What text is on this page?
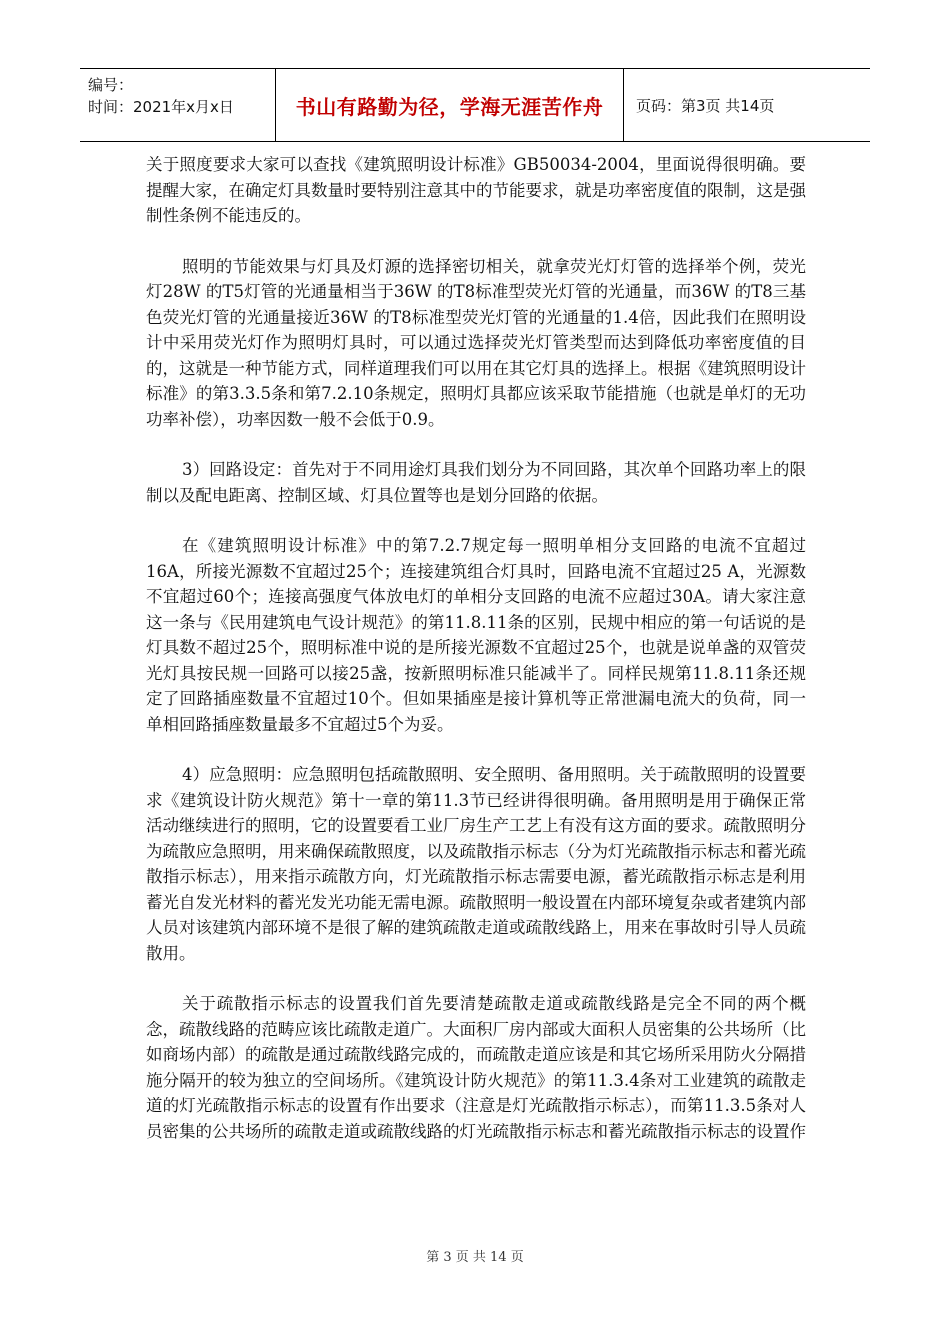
编号：
时间：2021年x月x日	书山有路勤为径，学海无涯苦作舟	页码：第3页 共14页

关于照度要求大家可以查找《建筑照明设计标准》GB50034-2004，里面说得很明确。要提醒大家，在确定灯具数量时要特别注意其中的节能要求，就是功率密度值的限制，这是强制性条例不能违反的。

照明的节能效果与灯具及灯源的选择密切相关，就拿荧光灯灯管的选择举个例，荧光灯28W 的T5灯管的光通量相当于36W 的T8标准型荧光灯管的光通量，而36W 的T8三基色荧光灯管的光通量接近36W 的T8标准型荧光灯管的光通量的1.4倍，因此我们在照明设计中采用荧光灯作为照明灯具时，可以通过选择荧光灯管类型而达到降低功率密度值的目的，这就是一种节能方式，同样道理我们可以用在其它灯具的选择上。根据《建筑照明设计标准》的第3.3.5条和第7.2.10条规定，照明灯具都应该采取节能措施（也就是单灯的无功功率补偿），功率因数一般不会低于0.9。

3）回路设定：首先对于不同用途灯具我们划分为不同回路，其次单个回路功率上的限制以及配电距离、控制区域、灯具位置等也是划分回路的依据。

在《建筑照明设计标准》中的第7.2.7规定每一照明单相分支回路的电流不宜超过16A，所接光源数不宜超过25个；连接建筑组合灯具时，回路电流不宜超过25 A，光源数不宜超过60个；连接高强度气体放电灯的单相分支回路的电流不应超过30A。请大家注意这一条与《民用建筑电气设计规范》的第11.8.11条的区别，民规中相应的第一句话说的是灯具数不超过25个，照明标准中说的是所接光源数不宜超过25个，也就是说单盏的双管荧光灯具按民规一回路可以接25盏，按新照明标准只能减半了。同样民规第11.8.11条还规定了回路插座数量不宜超过10个。但如果插座是接计算机等正常泄漏电流大的负荷，同一单相回路插座数量最多不宜超过5个为妥。

4）应急照明：应急照明包括疏散照明、安全照明、备用照明。关于疏散照明的设置要求《建筑设计防火规范》第十一章的第11.3节已经讲得很明确。备用照明是用于确保正常活动继续进行的照明，它的设置要看工业厂房生产工艺上有没有这方面的要求。疏散照明分为疏散应急照明，用来确保疏散照度，以及疏散指示标志（分为灯光疏散指示标志和蓄光疏散指示标志），用来指示疏散方向，灯光疏散指示标志需要电源，蓄光疏散指示标志是利用蓄光自发光材料的蓄光发光功能无需电源。疏散照明一般设置在内部环境复杂或者建筑内部人员对该建筑内部环境不是很了解的建筑疏散走道或疏散线路上，用来在事故时引导人员疏散用。

关于疏散指示标志的设置我们首先要清楚疏散走道或疏散线路是完全不同的两个概念，疏散线路的范畴应该比疏散走道广。大面积厂房内部或大面积人员密集的公共场所（比如商场内部）的疏散是通过疏散线路完成的，而疏散走道应该是和其它场所采用防火分隔措施分隔开的较为独立的空间场所。《建筑设计防火规范》的第11.3.4条对工业建筑的疏散走道的灯光疏散指示标志的设置有作出要求（注意是灯光疏散指示标志），而第11.3.5条对人员密集的公共场所的疏散走道或疏散线路的灯光疏散指示标志和蓄光疏散指示标志的设置作

第 3 页 共 14 页
